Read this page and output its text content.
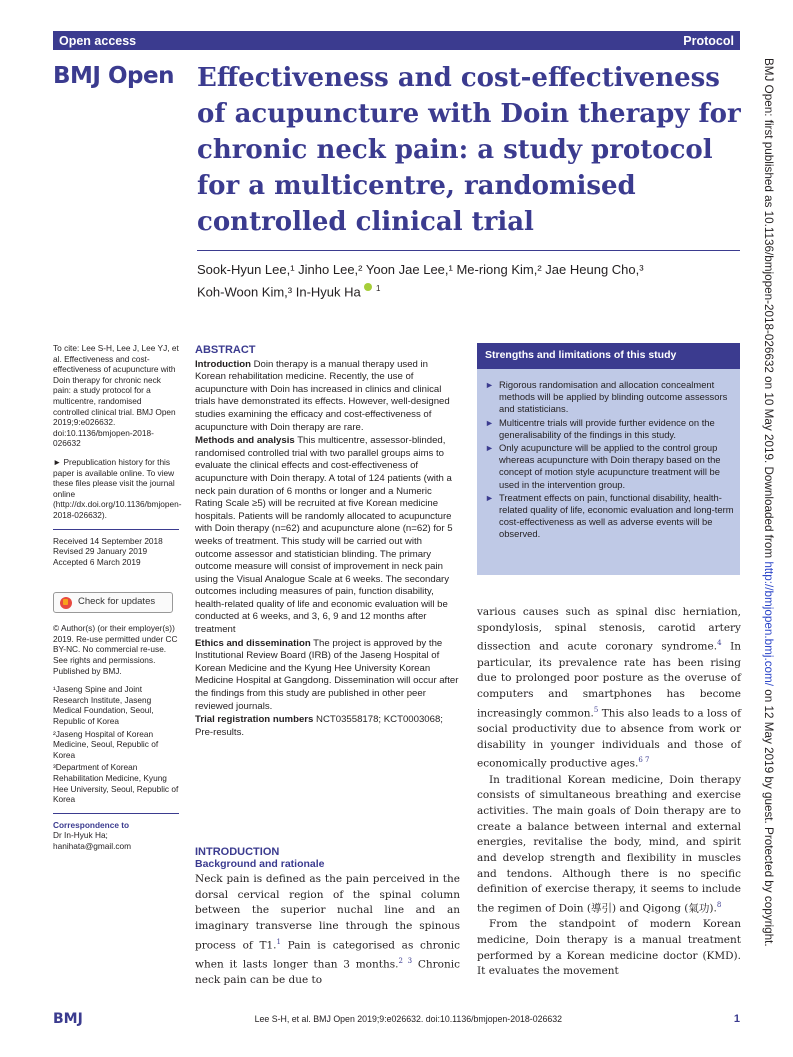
Open access	Protocol
BMJ Open Effectiveness and cost-effectiveness of acupuncture with Doin therapy for chronic neck pain: a study protocol for a multicentre, randomised controlled clinical trial
Sook-Hyun Lee,¹ Jinho Lee,² Yoon Jae Lee,¹ Me-riong Kim,² Jae Heung Cho,³
Koh-Woon Kim,³ In-Hyuk Ha $^1$	BMJ Open: first published as 10.1136/bmjopen-2018-026632 on 10 May 2019. Downloaded from http://bmjopen.bmj.com/ on 12 May 2019 by guest. Protected by copyright.

To cite: Lee S-H, Lee J, Lee YJ, et al. Effectiveness and cost-effectiveness of acupuncture with Doin therapy for chronic neck pain: a study protocol for a multicentre, randomised controlled clinical trial. BMJ Open 2019;9:e026632. doi:10.1136/bmjopen-2018-026632

► Prepublication history for this paper is available online. To view these files please visit the journal online (http://dx.doi.org/10.1136/bmjopen-2018-026632).

Received 14 September 2018
Revised 29 January 2019
Accepted 6 March 2019
Check for updates

© Author(s) (or their employer(s)) 2019. Re-use permitted under CC BY-NC. No commercial re-use. See rights and permissions. Published by BMJ.

¹Jaseng Spine and Joint Research Institute, Jaseng Medical Foundation, Seoul, Republic of Korea

²Jaseng Hospital of Korean Medicine, Seoul, Republic of Korea

³Department of Korean Rehabilitation Medicine, Kyung Hee University, Seoul, Republic of Korea

Correspondence to
Dr In-Hyuk Ha;
hanihata@gmail.com
ABSTRACT

Introduction Doin therapy is a manual therapy used in Korean rehabilitation medicine. Recently, the use of acupuncture with Doin has increased in clinics and clinical trials have demonstrated its effects. However, well-designed studies examining the efficacy and cost-effectiveness of acupuncture with Doin therapy are rare.

Methods and analysis This multicentre, assessor-blinded, randomised controlled trial with two parallel groups aims to evaluate the clinical effects and cost-effectiveness of acupuncture with Doin therapy. A total of 124 patients (with a neck pain duration of 6 months or longer and a Numeric Rating Scale ≥5) will be recruited at five Korean medicine hospitals. Patients will be randomly allocated to acupuncture with Doin therapy (n=62) and acupuncture alone (n=62) for 5 weeks of treatment. This study will be carried out with outcome assessor and statistician blinding. The primary outcome measure will consist of improvement in neck pain using the Visual Analogue Scale at 6 weeks. The secondary outcomes including measures of pain, function disability, health-related quality of life and economic evaluation will be conducted at 6 weeks, and 3, 6, 9 and 12 months after treatment

Ethics and dissemination The project is approved by the Institutional Review Board (IRB) of the Jaseng Hospital of Korean Medicine and the Kyung Hee University Korean Medicine Hospital at Gangdong. Dissemination will occur after the findings from this study are published in other peer reviewed journals.

Trial registration numbers NCT03558178; KCT0003068; Pre-results.

Strengths and limitations of this study
► Rigorous randomisation and allocation concealment methods will be applied by blinding outcome assessors and statisticians.
► Multicentre trials will provide further evidence on the generalisability of the findings in this study.
► Only acupuncture will be applied to the control group whereas acupuncture with Doin therapy based on the concept of motion style acupuncture treatment will be used in the intervention group.
► Treatment effects on pain, functional disability, health-related quality of life, economic evaluation and long-term cost-effectiveness as well as adverse events will be observed.
INTRODUCTION
Background and rationale

Neck pain is defined as the pain perceived in the dorsal cervical region of the spinal column between the superior nuchal line and an imaginary transverse line through the spinous process of T1.$^1$ Pain is categorised as chronic when it lasts longer than 3 months.$^{2 3}$ Chronic neck pain can be due to

various causes such as spinal disc herniation, spondylosis, spinal stenosis, carotid artery dissection and acute coronary syndrome.$^4$ In particular, its prevalence rate has been rising due to prolonged poor posture as the overuse of computers and smartphones has become increasingly common.$^5$ This also leads to a loss of social productivity due to absence from work or disability in younger individuals and those of economically productive ages.$^{6 7}$

In traditional Korean medicine, Doin therapy consists of simultaneous breathing and exercise activities. The main goals of Doin therapy are to create a balance between internal and external energies, revitalise the body, mind, and spirit and develop strength and flexibility in muscles and tendons. Although there is no specific definition of exercise therapy, it seems to include the regimen of Doin (導引) and Qigong (氣功).$^8$

From the standpoint of modern Korean medicine, Doin therapy is a manual treatment performed by a Korean medicine doctor (KMD). It evaluates the movement

BMJ	Lee S-H, et al. BMJ Open 2019;9:e026632. doi:10.1136/bmjopen-2018-026632	1
